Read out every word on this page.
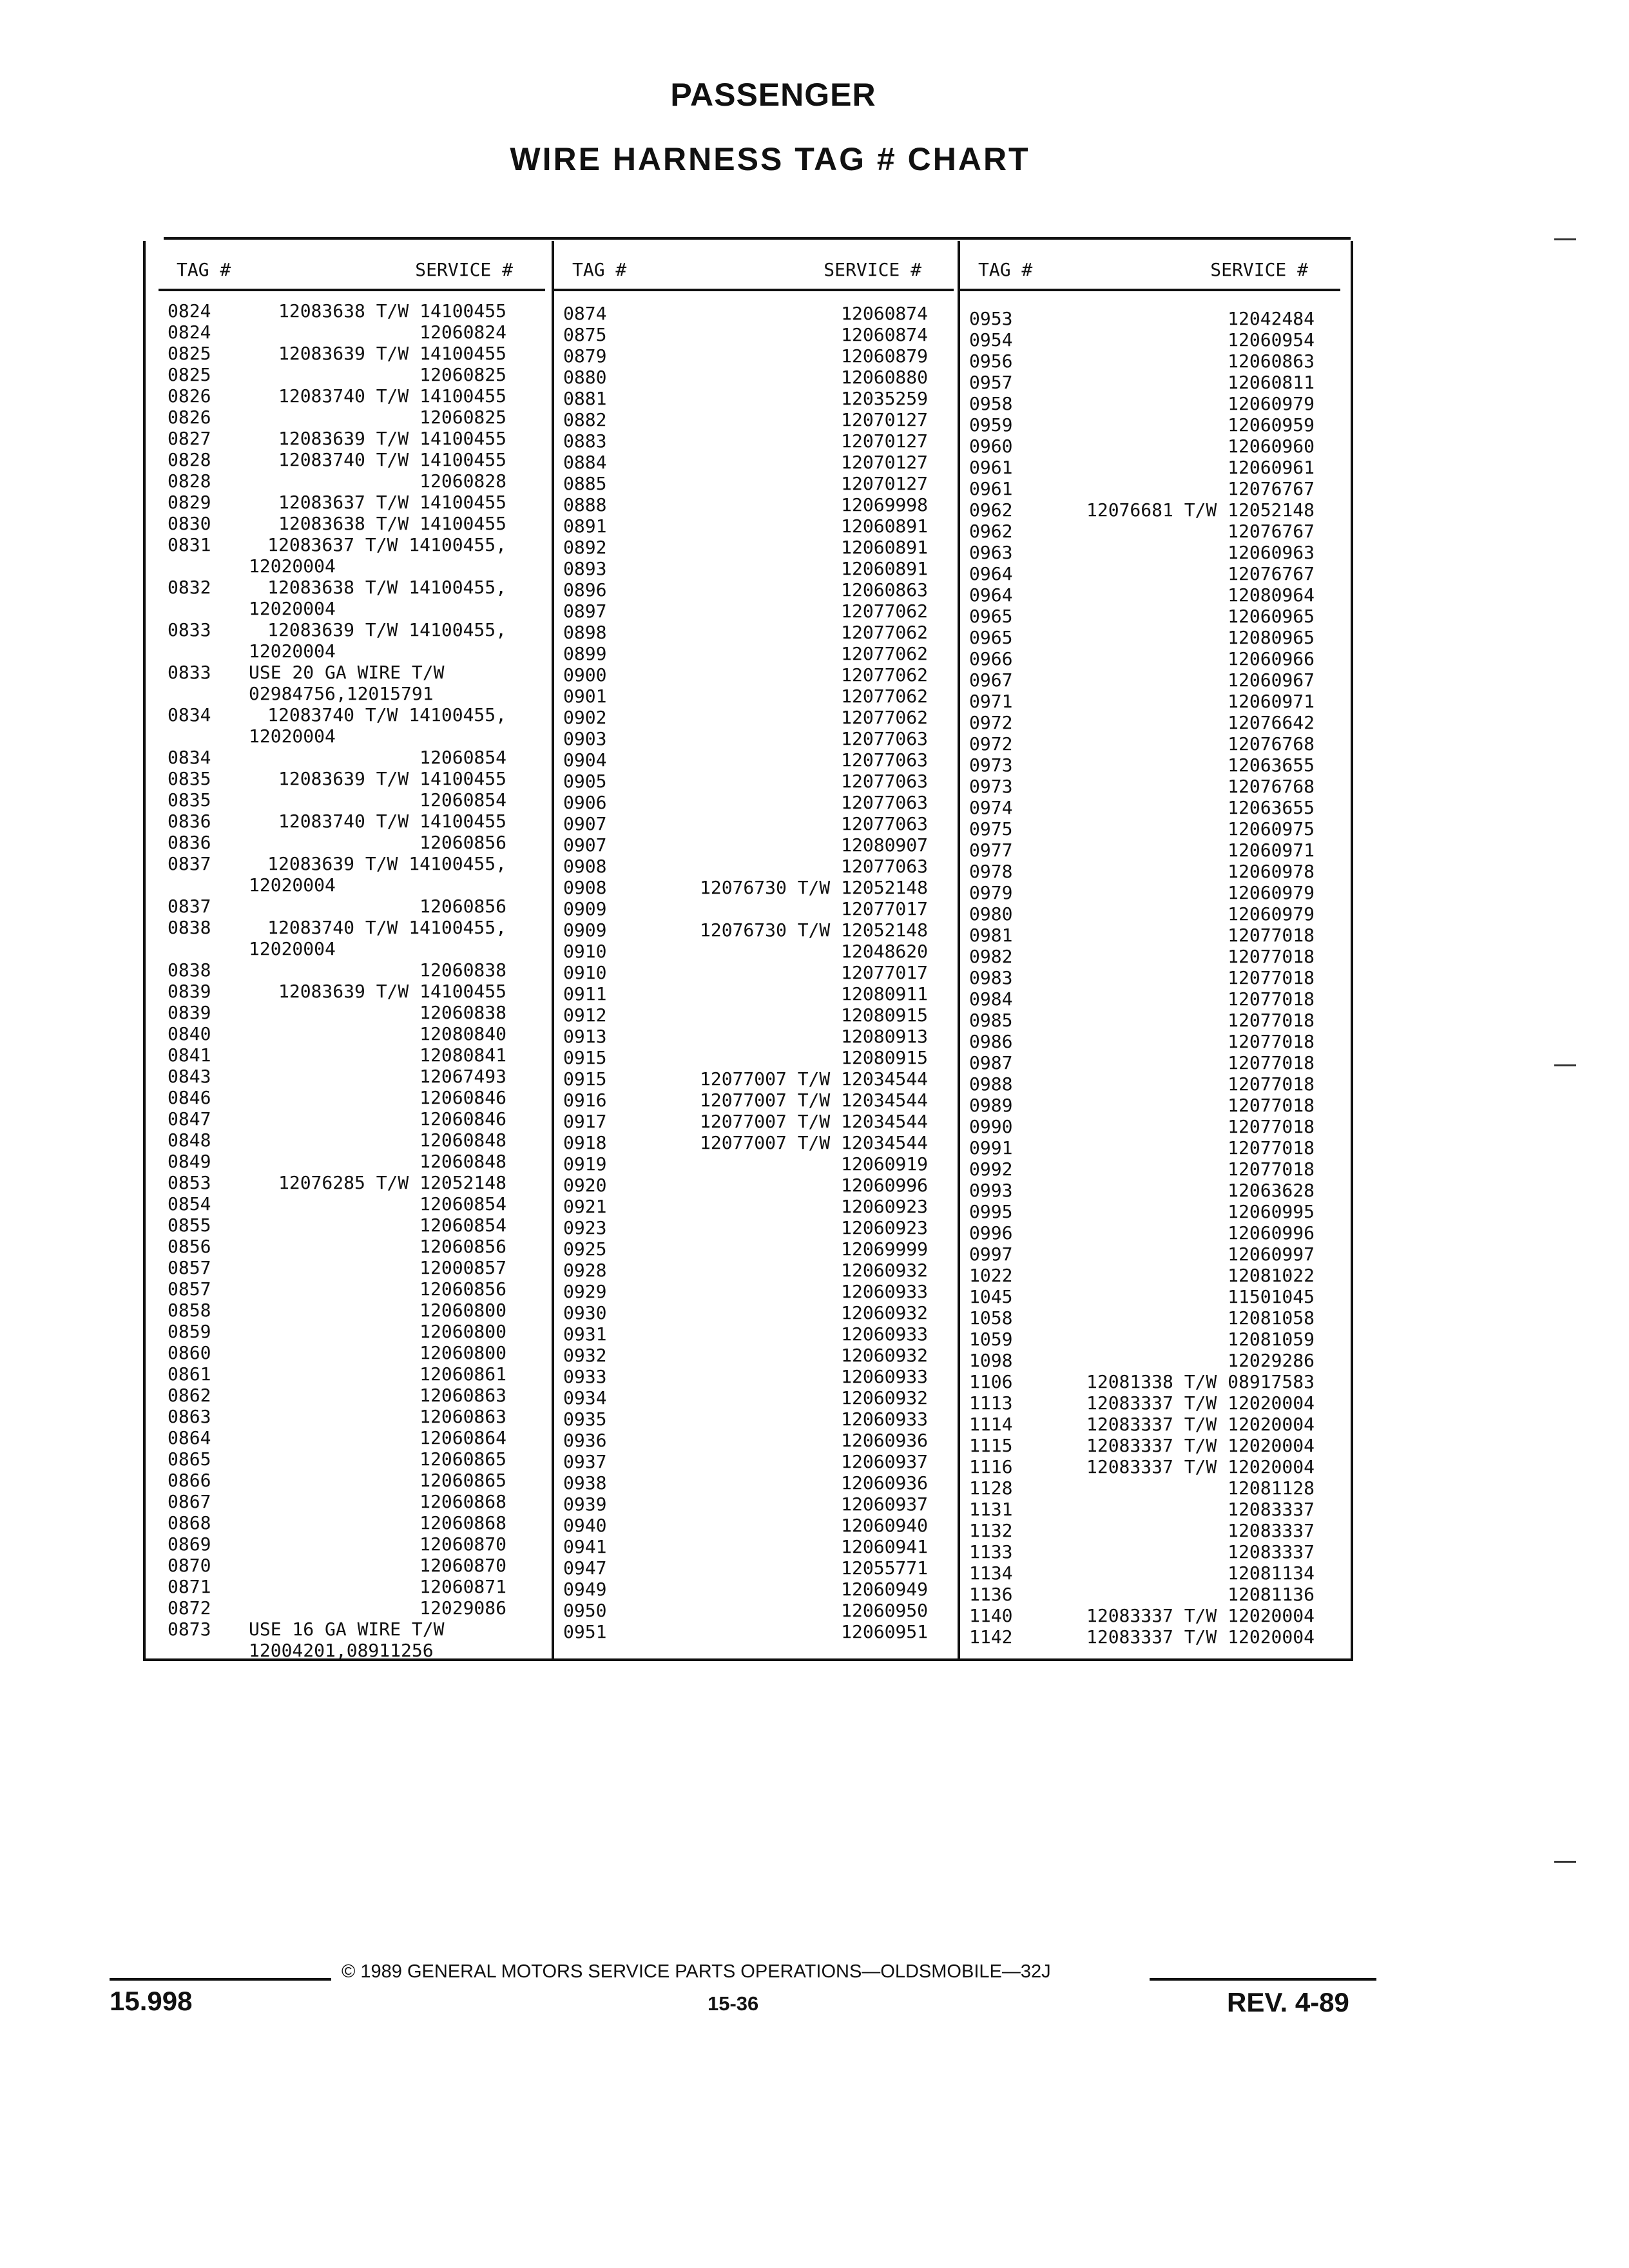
PASSENGER
WIRE HARNESS TAG # CHART
TAG #	SERVICE #
0824	12083638 T/W 14100455
0824	12060824
0825	12083639 T/W 14100455
0825	12060825
0826	12083740 T/W 14100455
0826	12060825
0827	12083639 T/W 14100455
0828	12083740 T/W 14100455
0828	12060828
0829	12083637 T/W 14100455
0830	12083638 T/W 14100455
0831	12083637 T/W 14100455,
12020004
0832	12083638 T/W 14100455,
12020004
0833	12083639 T/W 14100455,
12020004
0833 USE 20 GA WIRE T/W
02984756,12015791
0834	12083740 T/W 14100455,
12020004
0834	12060854
0835	12083639 T/W 14100455
0835	12060854
0836	12083740 T/W 14100455
0836	12060856
0837	12083639 T/W 14100455,
12020004
0837	12060856
0838	12083740 T/W 14100455,
12020004
0838	12060838
0839	12083639 T/W 14100455
0839	12060838
0840	12080840
0841	12080841
0843	12067493
0846	12060846
0847	12060846
0848	12060848
0849	12060848
0853	12076285 T/W 12052148
0854	12060854
0855	12060854
0856	12060856
0857	12000857
0857	12060856
0858	12060800
0859	12060800
0860	12060800
0861	12060861
0862	12060863
0863	12060863
0864	12060864
0865	12060865
0866	12060865
0867	12060868
0868	12060868
0869	12060870
0870	12060870
0871	12060871
0872	12029086
0873 USE 16 GA WIRE T/W
12004201,08911256
TAG #	SERVICE #
0874	12060874
0875	12060874
0879	12060879
0880	12060880
0881	12035259
0882	12070127
0883	12070127
0884	12070127
0885	12070127
0888	12069998
0891	12060891
0892	12060891
0893	12060891
0896	12060863
0897	12077062
0898	12077062
0899	12077062
0900	12077062
0901	12077062
0902	12077062
0903	12077063
0904	12077063
0905	12077063
0906	12077063
0907	12077063
0907	12080907
0908	12077063
0908	12076730 T/W 12052148
0909	12077017
0909	12076730 T/W 12052148
0910	12048620
0910	12077017
0911	12080911
0912	12080915
0913	12080913
0915	12080915
0915	12077007 T/W 12034544
0916	12077007 T/W 12034544
0917	12077007 T/W 12034544
0918	12077007 T/W 12034544
0919	12060919
0920	12060996
0921	12060923
0923	12060923
0925	12069999
0928	12060932
0929	12060933
0930	12060932
0931	12060933
0932	12060932
0933	12060933
0934	12060932
0935	12060933
0936	12060936
0937	12060937
0938	12060936
0939	12060937
0940	12060940
0941	12060941
0947	12055771
0949	12060949
0950	12060950
0951	12060951
TAG #	SERVICE #
0953	12042484
0954	12060954
0956	12060863
0957	12060811
0958	12060979
0959	12060959
0960	12060960
0961	12060961
0961	12076767
0962	12076681 T/W 12052148
0962	12076767
0963	12060963
0964	12076767
0964	12080964
0965	12060965
0965	12080965
0966	12060966
0967	12060967
0971	12060971
0972	12076642
0972	12076768
0973	12063655
0973	12076768
0974	12063655
0975	12060975
0977	12060971
0978	12060978
0979	12060979
0980	12060979
0981	12077018
0982	12077018
0983	12077018
0984	12077018
0985	12077018
0986	12077018
0987	12077018
0988	12077018
0989	12077018
0990	12077018
0991	12077018
0992	12077018
0993	12063628
0995	12060995
0996	12060996
0997	12060997
1022	12081022
1045	11501045
1058	12081058
1059	12081059
1098	12029286
1106	12081338 T/W 08917583
1113	12083337 T/W 12020004
1114	12083337 T/W 12020004
1115	12083337 T/W 12020004
1116	12083337 T/W 12020004
1128	12081128
1131	12083337
1132	12083337
1133	12083337
1134	12081134
1136	12081136
1140	12083337 T/W 12020004
1142	12083337 T/W 12020004
© 1989 GENERAL MOTORS SERVICE PARTS OPERATIONS—OLDSMOBILE—32J
15.998	15-36	REV. 4-89
